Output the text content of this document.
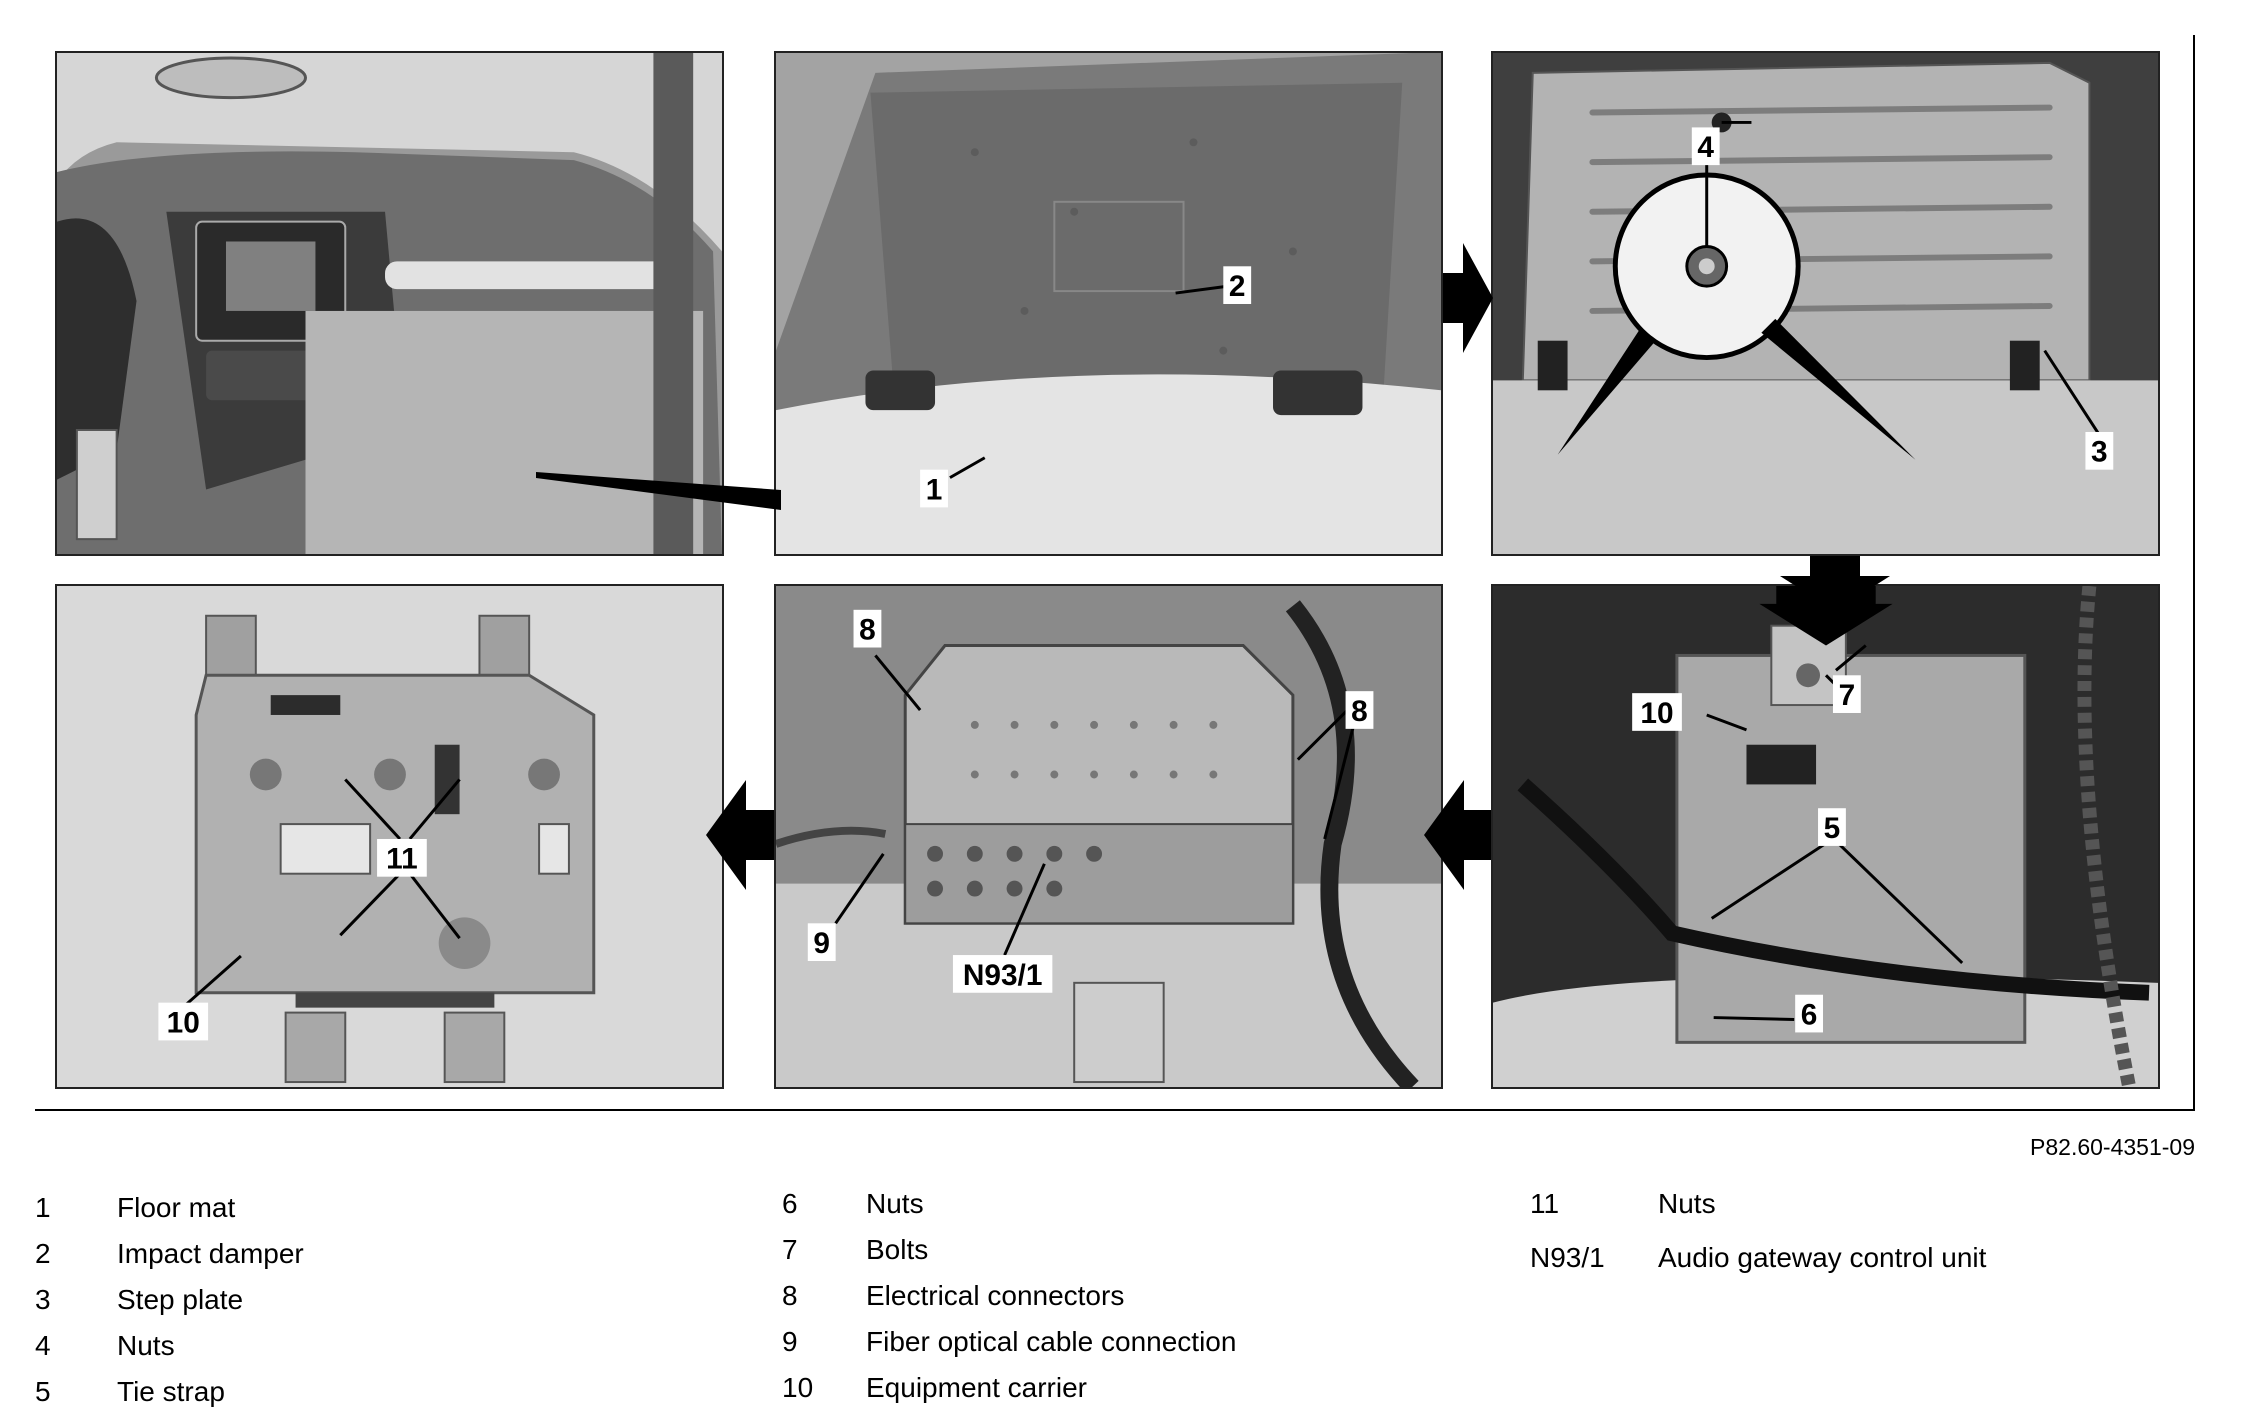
2
1
4
3
7
10
5
6
8
8
9
N93/1
11
10
P82.60-4351-09
1 Floor mat
2 Impact damper
3 Step plate
4 Nuts
5 Tie strap
6 Nuts
7 Bolts
8 Electrical connectors
9 Fiber optical cable connection
10 Equipment carrier
11	Nuts
N93/1 Audio gateway control unit
